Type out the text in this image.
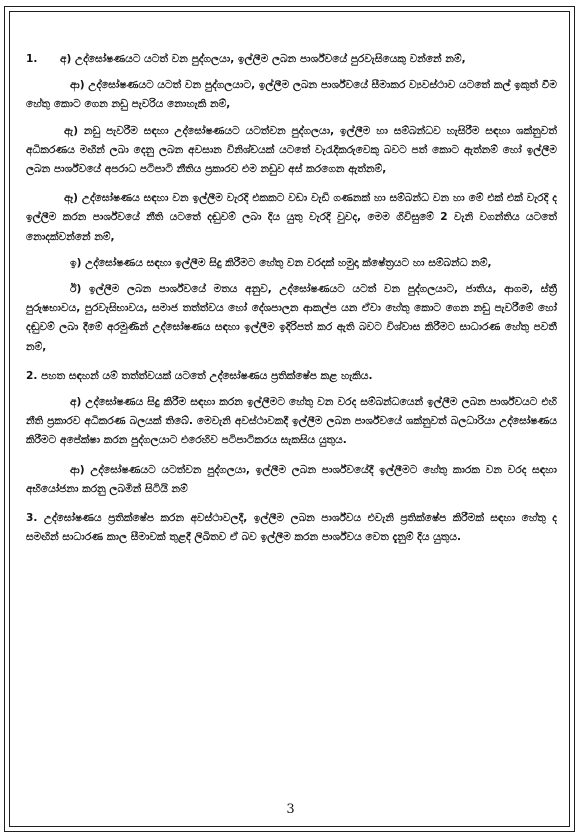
1. අ) උද්ඝෝෂණයට යටත් වන පුද්ගලයා, ඉල්ලීම ලබන පාර්ශ්වයේ පුරවැසියෙකු වන්නේ නම්,

ආ) උද්ඝෝෂණයට යටත් වන පුද්ගලයාට, ඉල්ලීම ලබන පාර්ශ්වයේ සීමාකර ව්‍යවස්ථාව යටතේ කල් ඉකුත් වීම හේතු කොට ගෙන නඩු පැවරිය නොහැකි නම්,

ඇ) නඩු පැවරීම සඳහා උද්ඝෝෂණයට යටත්වන පුද්ගලයා, ඉල්ලීම හා සම්බන්ධව හැසිරීම සඳහා ශක්නුවත් අධිකරණය මඟින් ලබා දෙනු ලබන අවසාන විනිශ්චයක් යටතේ වැරැදිකරුවෙකු බවට පත් කොට ඇත්නම් හෝ ඉල්ලීම ලබන පාර්ශ්වයේ අපරාධ පටිපාටි නීතිය ප්‍රකාරව එම නඩුව අස් කරගෙන ඇත්නම්,

ඈ) උද්ඝෝෂණය සඳහා වන ඉල්ලීම වැරදි එකකට වඩා වැඩි ගණනක් හා සම්බන්ධ වන හා මේ එක් එක් වැරදි ද ඉල්ලීම කරන පාර්ශ්වයේ නීති යටතේ දඬුවම් ලබා දිය යුතු වැරදි වුවද, මෙම ගිවිසුමේ 2 වැනි වගන්තිය යටතේ නොදක්වන්නේ නම්,

ඉ) උද්ඝෝෂණය සඳහා ඉල්ලීම සිදු කිරීමට හේතු වන වරදක් හමුදා ක්ෂේත්‍රයට හා සම්බන්ධ නම්,

ඊ) ඉල්ලීම ලබන පාර්ශ්වයේ මතය අනුව, උද්ඝෝෂණයට යටත් වන පුද්ගලයාට, ජාතිය, ආගම, ස්ත්‍රී පුරුෂභාවය, පුරවැසිභාවය, සමාජ තත්ත්වය හෝ දේශපාලන ආකල්ප යන ඒවා හේතු කොට ගෙන නඩු පැවරීමේ හෝ දඬුවම් ලබා දීමේ අරමුණින් උද්ඝෝෂණය සඳහා ඉල්ලීම ඉදිරිපත් කර ඇති බවට විශ්වාස කිරීමට සාධාරණ හේතු පවතී නම්,

2. පහත සඳහන් යම් තත්ත්වයක් යටතේ උද්ඝෝෂණය ප්‍රතික්ෂේප කළ හැකිය.

අ) උද්ඝෝෂණය සිදු කිරීම සඳහා කරන ඉල්ලීමට හේතු වන වරද සම්බන්ධයෙන් ඉල්ලීම ලබන පාර්ශ්වයට එහි නීති ප්‍රකාරව අධිකරණ බලයක් තිබේ. මෙවැනි අවස්ථාවකදී ඉල්ලීම ලබන පාර්ශ්වයේ ශක්නුවත් බලධාරියා උද්ඝෝෂණය කිරීමට අපේක්ෂා කරන පුද්ගලයාට එරෙහිව පටිපාටිකරය සැකසිය යුතුය.

ආ) උද්ඝෝෂණයට යටත්වන පුද්ගලයා, ඉල්ලීම ලබන පාර්ශ්වයේදී ඉල්ලීමට හේතු කාරක වන වරද සඳහා අභියෝජනා කරනු ලබමින් සිටියි නම්

3. උද්ඝෝෂණය ප්‍රතික්ෂේප කරන අවස්ථාවලදී, ඉල්ලීම ලබන පාර්ශ්වය එවැනි ප්‍රතික්ෂේප කිරීමක් සඳහා හේතු ද සමඟින් සාධාරණ කාල සීමාවක් තුළදී ලිඛිතව ඒ බව ඉල්ලීම කරන පාර්ශ්වය වෙත දැනුම් දිය යුතුය.

3
